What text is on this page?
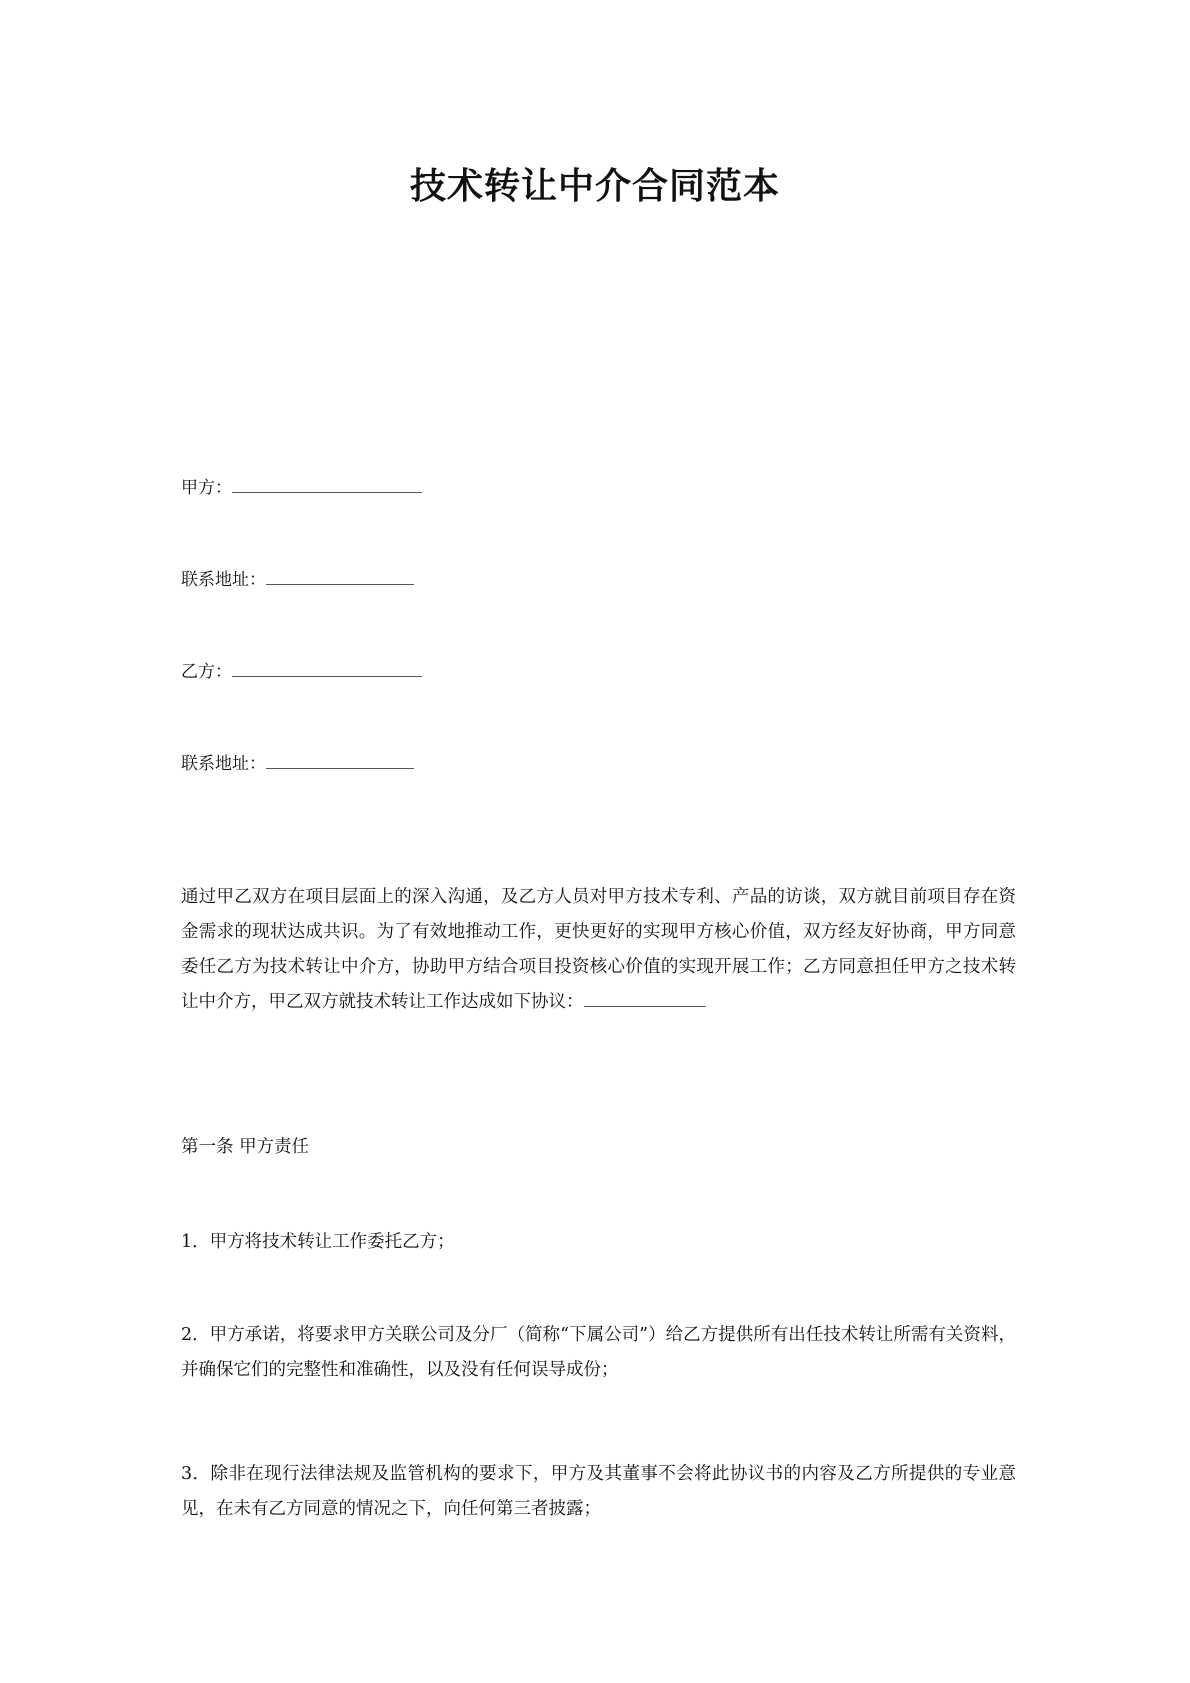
技术转让中介合同范本
甲方：
联系地址：
乙方：
联系地址：
通过甲乙双方在项目层面上的深入沟通，及乙方人员对甲方技术专利、产品的访谈，双方就目前项目存在资金需求的现状达成共识。为了有效地推动工作，更快更好的实现甲方核心价值，双方经友好协商，甲方同意委任乙方为技术转让中介方，协助甲方结合项目投资核心价值的实现开展工作；乙方同意担任甲方之技术转让中介方，甲乙双方就技术转让工作达成如下协议：
第一条 甲方责任
1．甲方将技术转让工作委托乙方；
2．甲方承诺，将要求甲方关联公司及分厂（简称“下属公司”）给乙方提供所有出任技术转让所需有关资料，并确保它们的完整性和准确性，以及没有任何误导成份；
3．除非在现行法律法规及监管机构的要求下，甲方及其董事不会将此协议书的内容及乙方所提供的专业意见，在未有乙方同意的情况之下，向任何第三者披露；
